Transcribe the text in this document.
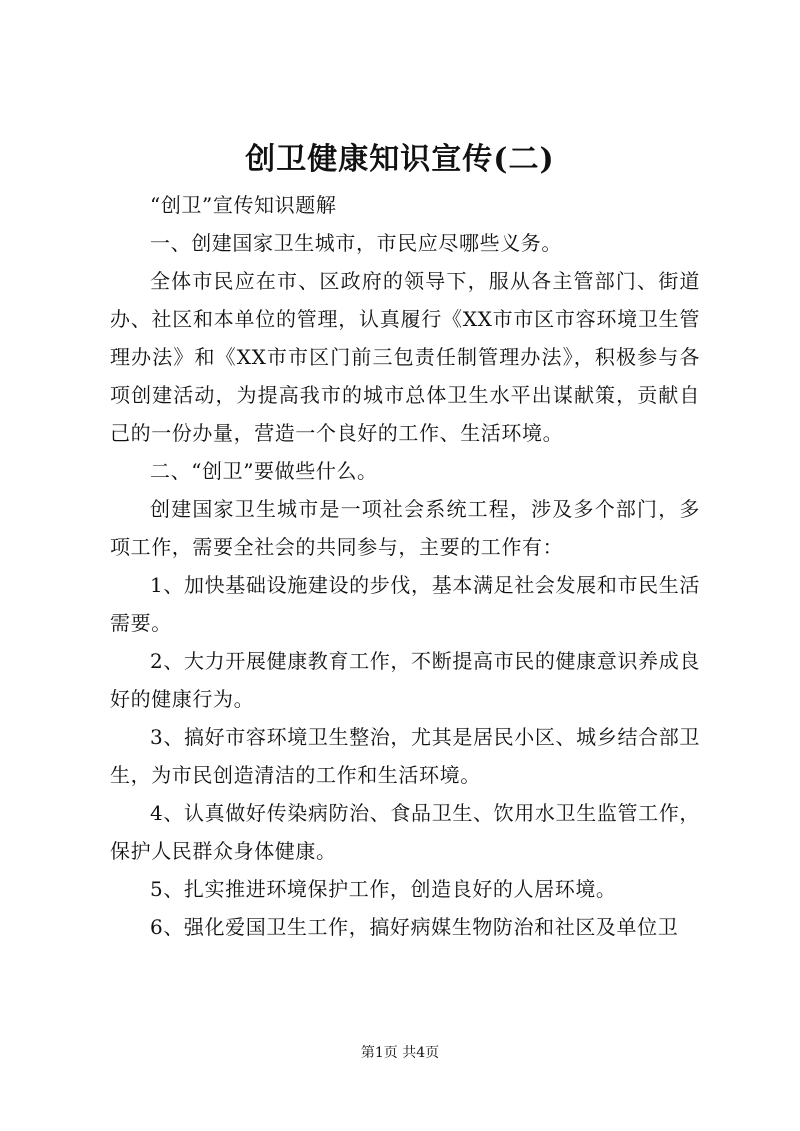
创卫健康知识宣传(二)

“创卫”宣传知识题解

一、创建国家卫生城市，市民应尽哪些义务。

全体市民应在市、区政府的领导下，服从各主管部门、街道办、社区和本单位的管理，认真履行《XX市市区市容环境卫生管理办法》和《XX市市区门前三包责任制管理办法》，积极参与各项创建活动，为提高我市的城市总体卫生水平出谋献策，贡献自己的一份办量，营造一个良好的工作、生活环境。

二、“创卫”要做些什么。

创建国家卫生城市是一项社会系统工程，涉及多个部门，多项工作，需要全社会的共同参与，主要的工作有：

1、加快基础设施建设的步伐，基本满足社会发展和市民生活需要。

2、大力开展健康教育工作，不断提高市民的健康意识养成良好的健康行为。

3、搞好市容环境卫生整治，尤其是居民小区、城乡结合部卫生，为市民创造清洁的工作和生活环境。

4、认真做好传染病防治、食品卫生、饮用水卫生监管工作，保护人民群众身体健康。

5、扎实推进环境保护工作，创造良好的人居环境。

6、强化爱国卫生工作，搞好病媒生物防治和社区及单位卫

第1页 共4页
